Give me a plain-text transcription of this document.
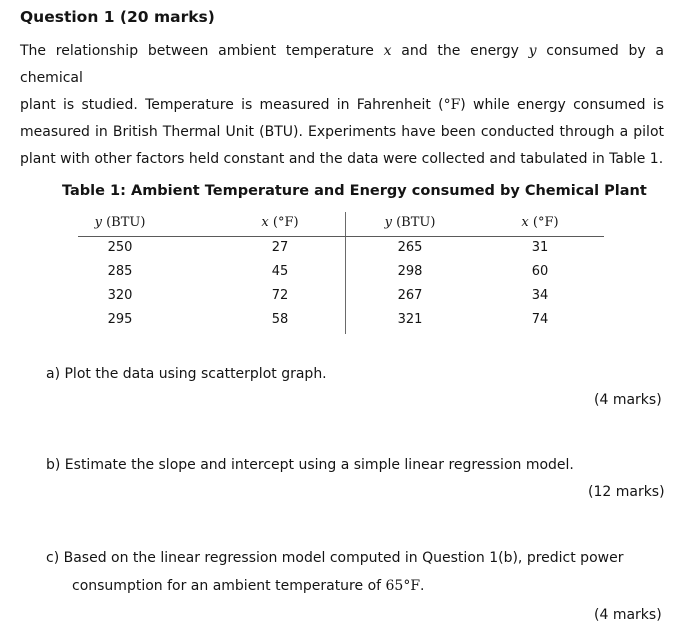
Question 1 (20 marks)
The relationship between ambient temperature x and the energy y consumed by a chemical
plant is studied. Temperature is measured in Fahrenheit (°F) while energy consumed is
measured in British Thermal Unit (BTU). Experiments have been conducted through a pilot
plant with other factors held constant and the data were collected and tabulated in Table 1.
Table 1: Ambient Temperature and Energy consumed by Chemical Plant
y (BTU)	x (°F)	y (BTU)	x (°F)
250	27	265	31
285	45	298	60
320	72	267	34
295	58	321	74
a) Plot the data using scatterplot graph.
(4 marks)
b) Estimate the slope and intercept using a simple linear regression model.
(12 marks)
c) Based on the linear regression model computed in Question 1(b), predict power
consumption for an ambient temperature of 65°F.
(4 marks)
